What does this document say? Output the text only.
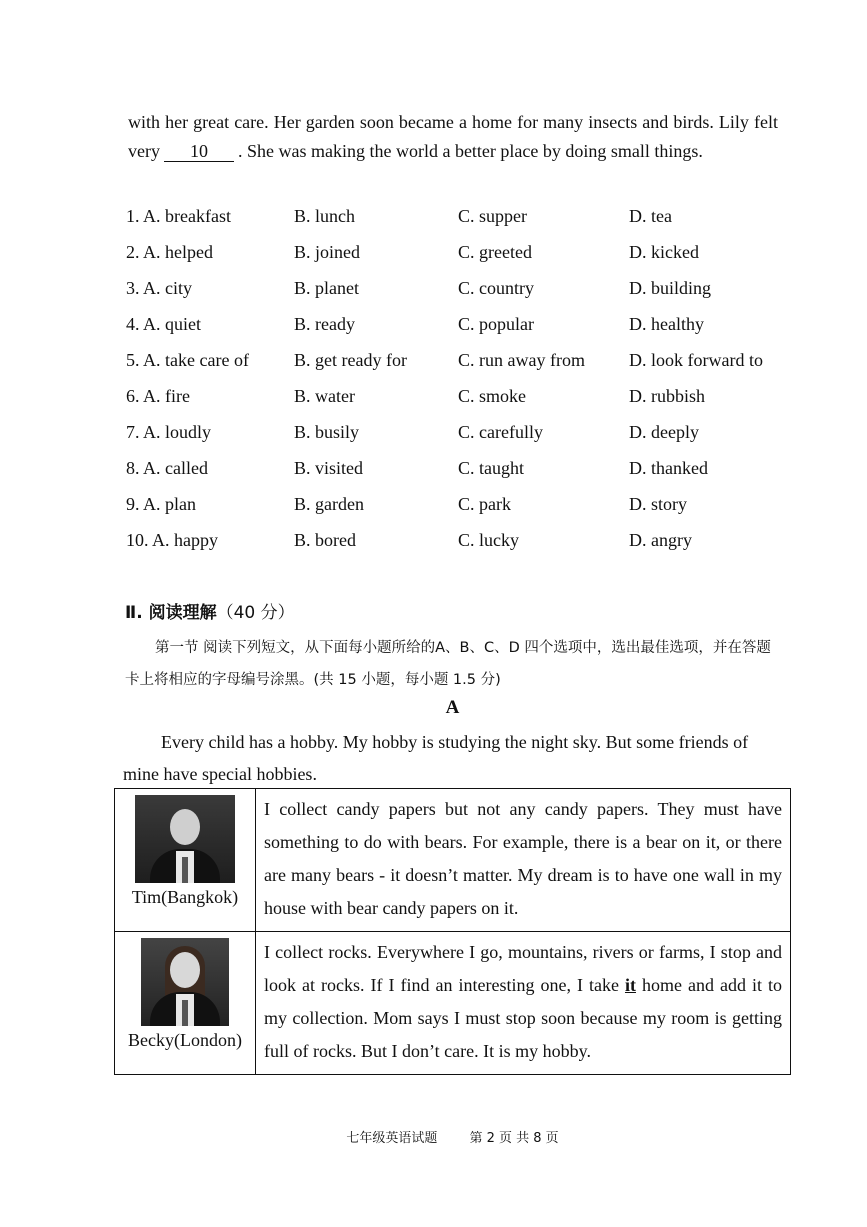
with her great care. Her garden soon became a home for many insects and birds. Lily felt very 10 . She was making the world a better place by doing small things.

1. A. breakfast	B. lunch	C. supper	D. tea
2. A. helped	B. joined	C. greeted	D. kicked
3. A. city	B. planet	C. country	D. building
4. A. quiet	B. ready	C. popular	D. healthy
5. A. take care of	B. get ready for	C. run away from D. look forward to
6. A. fire	B. water	C. smoke	D. rubbish
7. A. loudly	B. busily	C. carefully	D. deeply
8. A. called	B. visited	C. taught	D. thanked
9. A. plan	B. garden	C. park	D. story
10. A. happy	B. bored	C. lucky	D. angry
Ⅱ. 阅读理解（40 分）

第一节 阅读下列短文，从下面每小题所给的A、B、C、D 四个选项中，选出最佳选项，并在答题卡上将相应的字母编号涂黑。(共 15 小题，每小题 1.5 分)

A

Every child has a hobby. My hobby is studying the night sky. But some friends of mine have special hobbies.

Tim(Bangkok)	I collect candy papers but not any candy papers. They must have something to do with bears. For example, there is a bear on it, or there are many bears - it doesn’t matter. My dream is to have one wall in my house with bear candy papers on it.

Becky(London)	I collect rocks. Everywhere I go, mountains, rivers or farms, I stop and look at rocks. If I find an interesting one, I take it home and add it to my collection. Mom says I must stop soon because my room is getting full of rocks. But I don’t care. It is my hobby.
七年级英语试题 第 2 页 共 8 页
